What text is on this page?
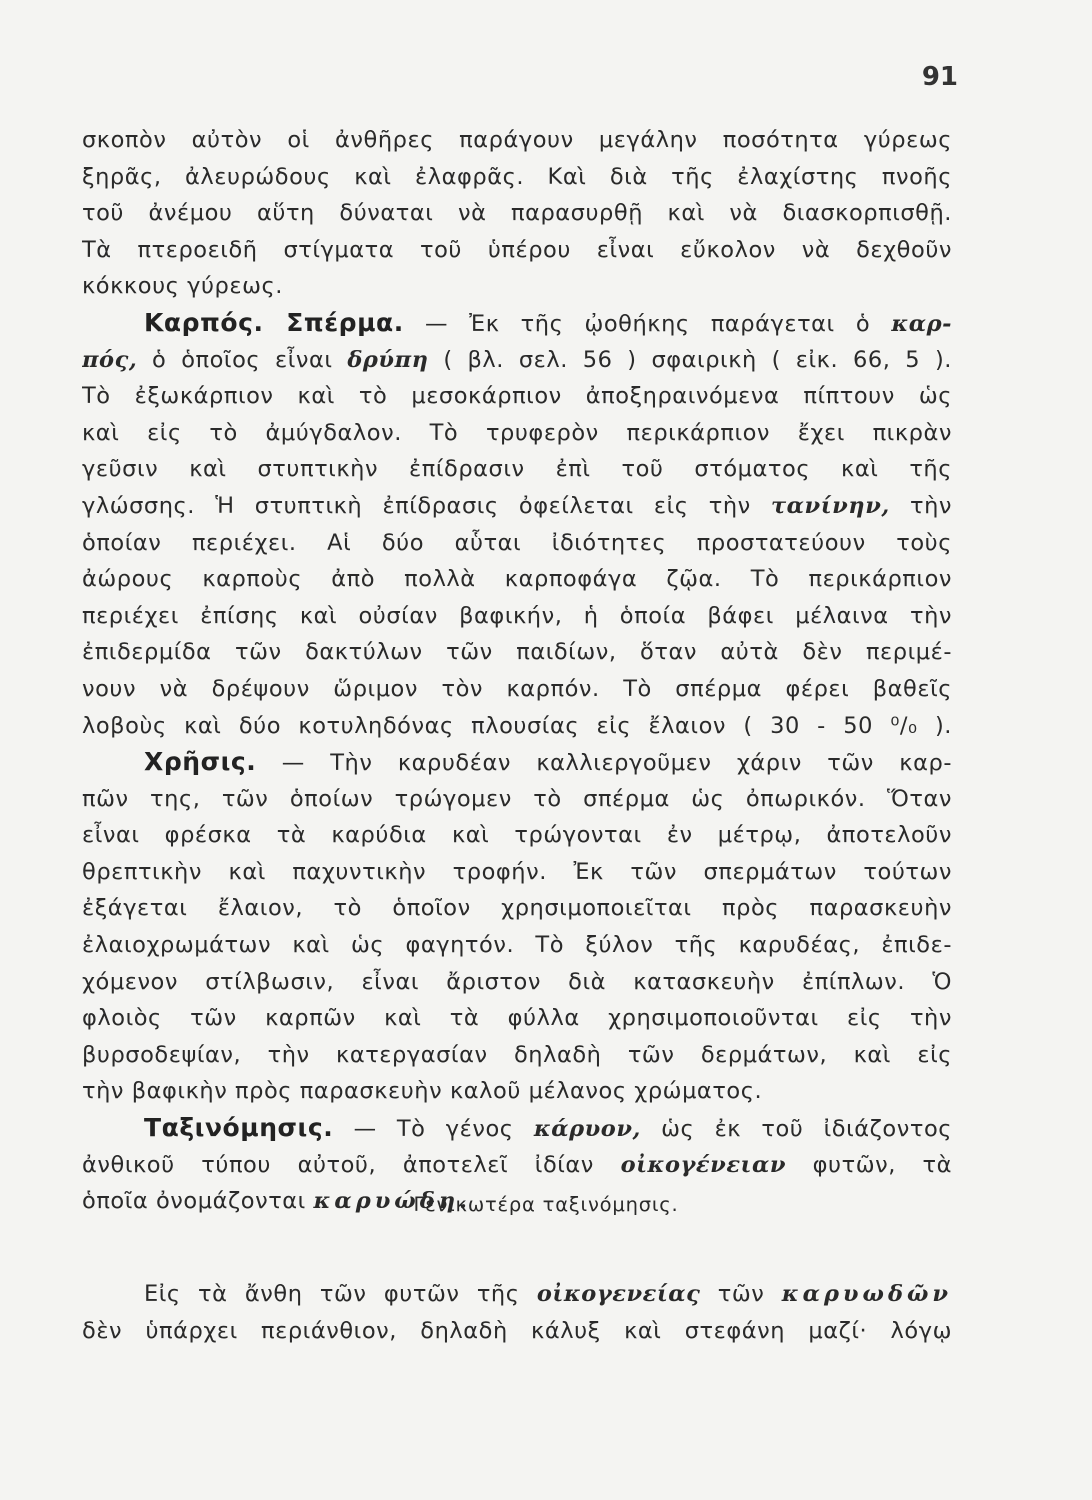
91
σκοπὸν αὐτὸν οἱ ἀνθῆρες παράγουν μεγάλην ποσότητα γύρεως
ξηρᾶς, ἀλευρώδους καὶ ἐλαφρᾶς. Καὶ διὰ τῆς ἐλαχίστης πνοῆς
τοῦ ἀνέμου αὕτη δύναται νὰ παρασυρθῇ καὶ νὰ διασκορπισθῇ.
Τὰ πτεροειδῆ στίγματα τοῦ ὑπέρου εἶναι εὔκολον νὰ δεχθοῦν
κόκκους γύρεως.
Καρπός. Σπέρμα. — Ἐκ τῆς ᾠοθήκης παράγεται ὁ καρ-
πός, ὁ ὁποῖος εἶναι δρύπη ( βλ. σελ. 56 ) σφαιρικὴ ( εἰκ. 66, 5 ).
Τὸ ἐξωκάρπιον καὶ τὸ μεσοκάρπιον ἀποξηραινόμενα πίπτουν ὡς
καὶ εἰς τὸ ἀμύγδαλον. Τὸ τρυφερὸν περικάρπιον ἔχει πικρὰν
γεῦσιν καὶ στυπτικὴν ἐπίδρασιν ἐπὶ τοῦ στόματος καὶ τῆς
γλώσσης. Ἡ στυπτικὴ ἐπίδρασις ὀφείλεται εἰς τὴν τανίνην, τὴν
ὁποίαν περιέχει. Αἱ δύο αὗται ἰδιότητες προστατεύουν τοὺς
ἀώρους καρποὺς ἀπὸ πολλὰ καρποφάγα ζῷα. Τὸ περικάρπιον
περιέχει ἐπίσης καὶ οὐσίαν βαφικήν, ἡ ὁποία βάφει μέλαινα τὴν
ἐπιδερμίδα τῶν δακτύλων τῶν παιδίων, ὅταν αὐτὰ δὲν περιμέ-
νουν νὰ δρέψουν ὥριμον τὸν καρπόν. Τὸ σπέρμα φέρει βαθεῖς
λοβοὺς καὶ δύο κοτυληδόνας πλουσίας εἰς ἔλαιον ( 30 - 50 ⁰/₀ ).
Χρῆσις. — Τὴν καρυδέαν καλλιεργοῦμεν χάριν τῶν καρ-
πῶν της, τῶν ὁποίων τρώγομεν τὸ σπέρμα ὡς ὀπωρικόν. Ὅταν
εἶναι φρέσκα τὰ καρύδια καὶ τρώγονται ἐν μέτρῳ, ἀποτελοῦν
θρεπτικὴν καὶ παχυντικὴν τροφήν. Ἐκ τῶν σπερμάτων τούτων
ἐξάγεται ἔλαιον, τὸ ὁποῖον χρησιμοποιεῖται πρὸς παρασκευὴν
ἐλαιοχρωμάτων καὶ ὡς φαγητόν. Τὸ ξύλον τῆς καρυδέας, ἐπιδε-
χόμενον στίλβωσιν, εἶναι ἄριστον διὰ κατασκευὴν ἐπίπλων. Ὁ
φλοιὸς τῶν καρπῶν καὶ τὰ φύλλα χρησιμοποιοῦνται εἰς τὴν
βυρσοδεψίαν, τὴν κατεργασίαν δηλαδὴ τῶν δερμάτων, καὶ εἰς
τὴν βαφικὴν πρὸς παρασκευὴν καλοῦ μέλανος χρώματος.
Ταξινόμησις. — Τὸ γένος κάρυον, ὡς ἐκ τοῦ ἰδιάζοντος
ἀνθικοῦ τύπου αὐτοῦ, ἀποτελεῖ ἰδίαν οἰκογένειαν φυτῶν, τὰ
ὁποῖα ὀνομάζονται καρυώδη.
Γενικωτέρα ταξινόμησις.
Εἰς τὰ ἄνθη τῶν φυτῶν τῆς οἰκογενείας τῶν καρυωδῶν
δὲν ὑπάρχει περιάνθιον, δηλαδὴ κάλυξ καὶ στεφάνη μαζί· λόγῳ
